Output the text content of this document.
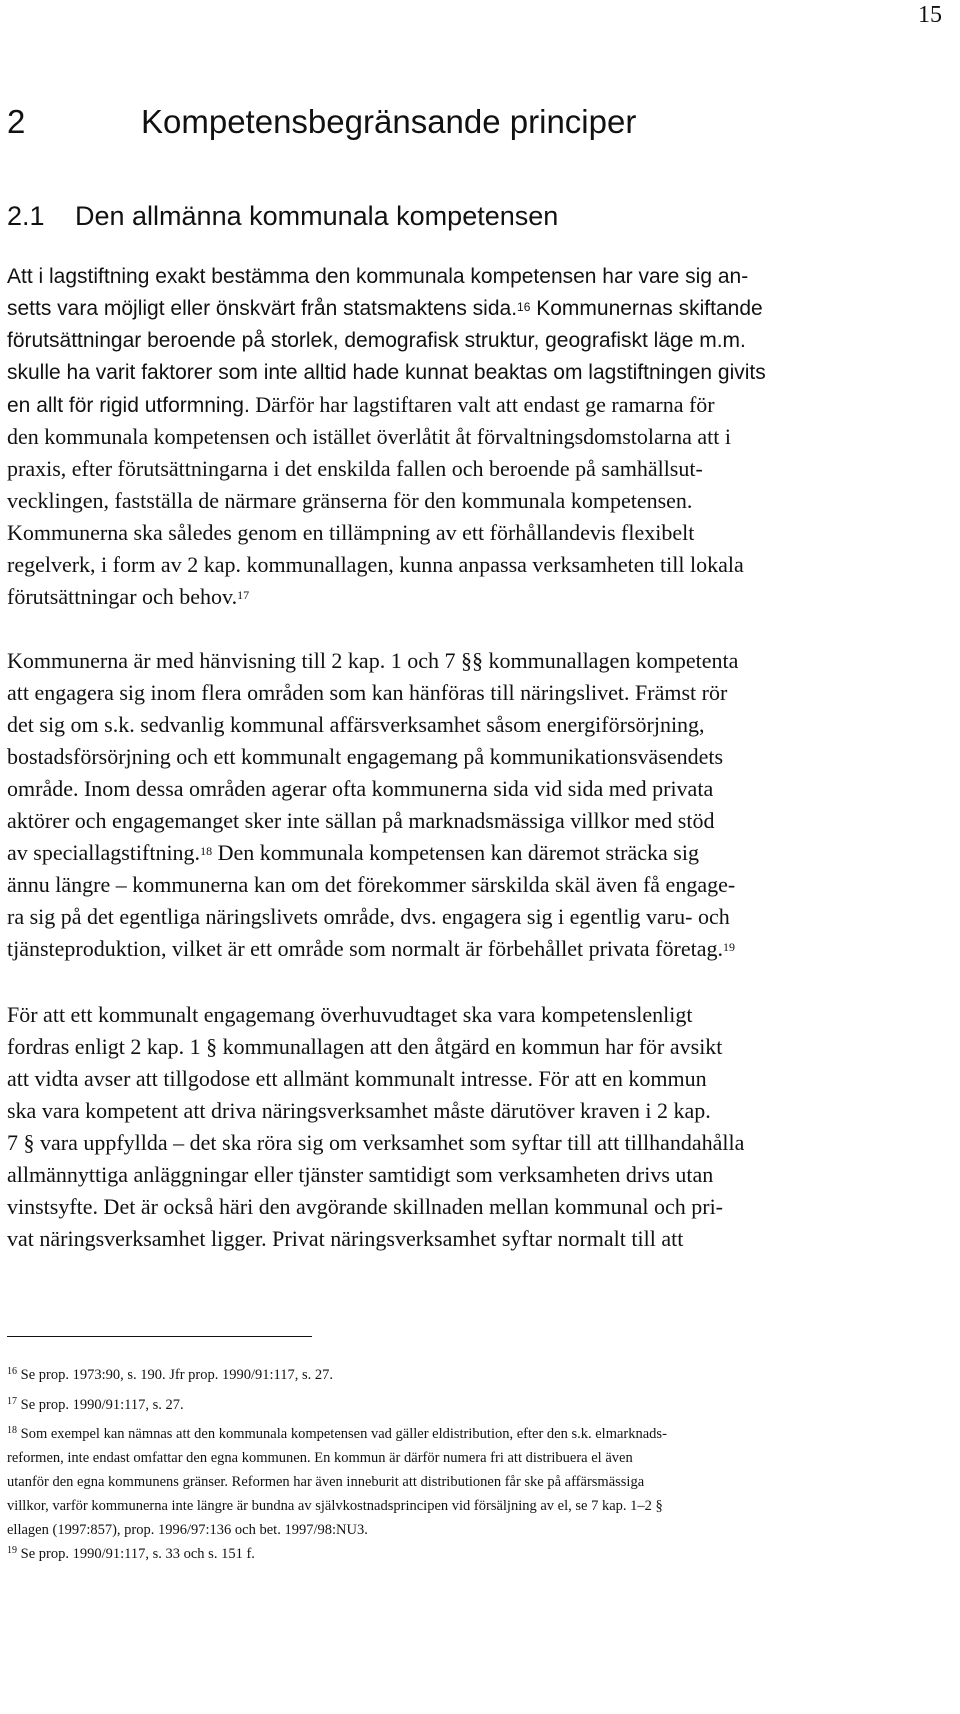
15
2	Kompetensbegränsande principer
2.1 Den allmänna kommunala kompetensen
Att i lagstiftning exakt bestämma den kommunala kompetensen har vare sig an-
setts vara möjligt eller önskvärt från statsmaktens sida.$^{16}$ Kommunernas skiftande
förutsättningar beroende på storlek, demografisk struktur, geografiskt läge m.m.
skulle ha varit faktorer som inte alltid hade kunnat beaktas om lagstiftningen givits
en allt för rigid utformning. Därför har lagstiftaren valt att endast ge ramarna för
den kommunala kompetensen och istället överlåtit åt förvaltningsdomstolarna att i
praxis, efter förutsättningarna i det enskilda fallen och beroende på samhällsut-
vecklingen, fastställa de närmare gränserna för den kommunala kompetensen.
Kommunerna ska således genom en tillämpning av ett förhållandevis flexibelt
regelverk, i form av 2 kap. kommunallagen, kunna anpassa verksamheten till lokala
förutsättningar och behov.$^{17}$
Kommunerna är med hänvisning till 2 kap. 1 och 7 §§ kommunallagen kompetenta
att engagera sig inom flera områden som kan hänföras till näringslivet. Främst rör
det sig om s.k. sedvanlig kommunal affärsverksamhet såsom energiförsörjning,
bostadsförsörjning och ett kommunalt engagemang på kommunikationsväsendets
område. Inom dessa områden agerar ofta kommunerna sida vid sida med privata
aktörer och engagemanget sker inte sällan på marknadsmässiga villkor med stöd
av speciallagstiftning.$^{18}$ Den kommunala kompetensen kan däremot sträcka sig
ännu längre – kommunerna kan om det förekommer särskilda skäl även få engage-
ra sig på det egentliga näringslivets område, dvs. engagera sig i egentlig varu- och
tjänsteproduktion, vilket är ett område som normalt är förbehållet privata företag.$^{19}$
För att ett kommunalt engagemang överhuvudtaget ska vara kompetenslenligt
fordras enligt 2 kap. 1 § kommunallagen att den åtgärd en kommun har för avsikt
att vidta avser att tillgodose ett allmänt kommunalt intresse. För att en kommun
ska vara kompetent att driva näringsverksamhet måste därutöver kraven i 2 kap.
7 § vara uppfyllda – det ska röra sig om verksamhet som syftar till att tillhandahålla
allmännyttiga anläggningar eller tjänster samtidigt som verksamheten drivs utan
vinstsyfte. Det är också häri den avgörande skillnaden mellan kommunal och pri-
vat näringsverksamhet ligger. Privat näringsverksamhet syftar normalt till att
$^{16}$ Se prop. 1973:90, s. 190. Jfr prop. 1990/91:117, s. 27.
$^{17}$ Se prop. 1990/91:117, s. 27.
$^{18}$ Som exempel kan nämnas att den kommunala kompetensen vad gäller eldistribution, efter den s.k. elmarknads-
reformen, inte endast omfattar den egna kommunen. En kommun är därför numera fri att distribuera el även
utanför den egna kommunens gränser. Reformen har även inneburit att distributionen får ske på affärsmässiga
villkor, varför kommunerna inte längre är bundna av självkostnadsprincipen vid försäljning av el, se 7 kap. 1–2 §
ellagen (1997:857), prop. 1996/97:136 och bet. 1997/98:NU3.
$^{19}$ Se prop. 1990/91:117, s. 33 och s. 151 f.
